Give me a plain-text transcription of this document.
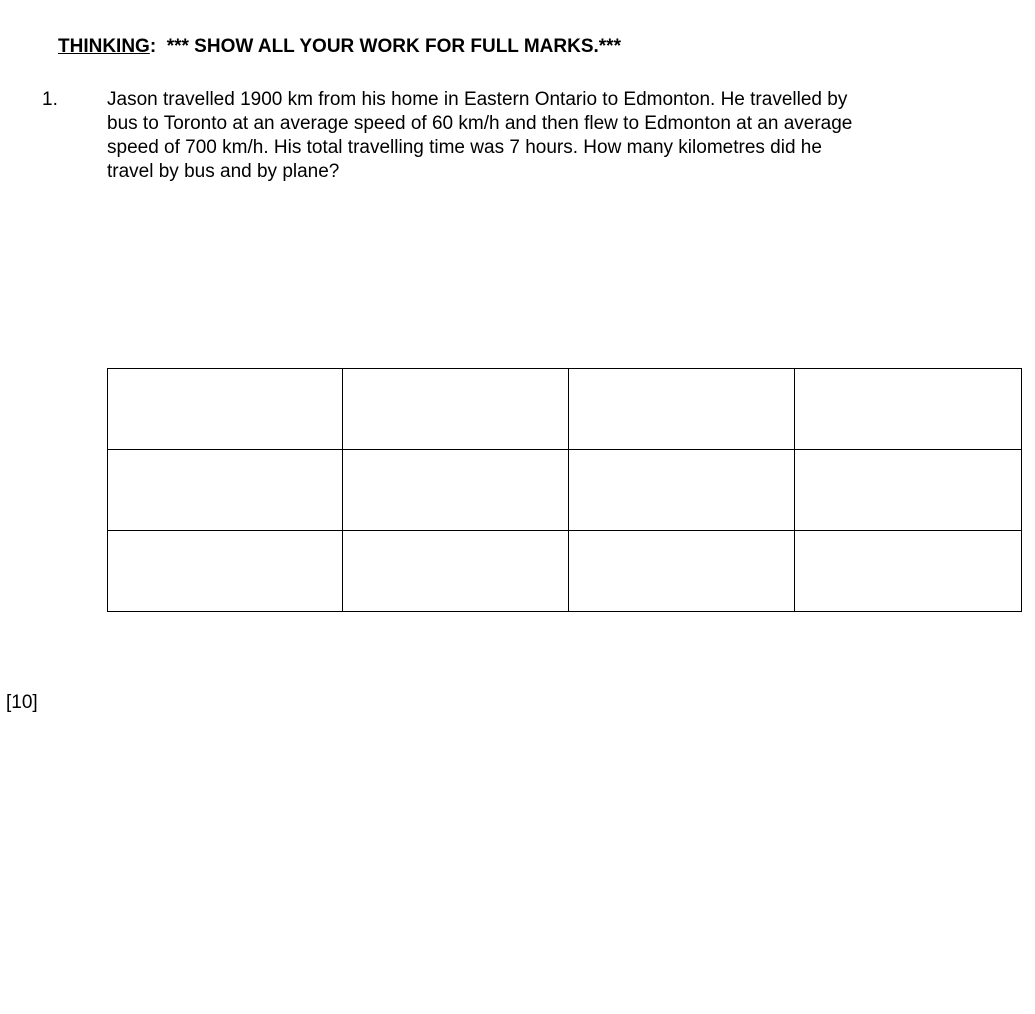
THINKING: *** SHOW ALL YOUR WORK FOR FULL MARKS.***
1.	Jason travelled 1900 km from his home in Eastern Ontario to Edmonton. He travelled by
bus to Toronto at an average speed of 60 km/h and then flew to Edmonton at an average
speed of 700 km/h. His total travelling time was 7 hours. How many kilometres did he
travel by bus and by plane?

[10]
